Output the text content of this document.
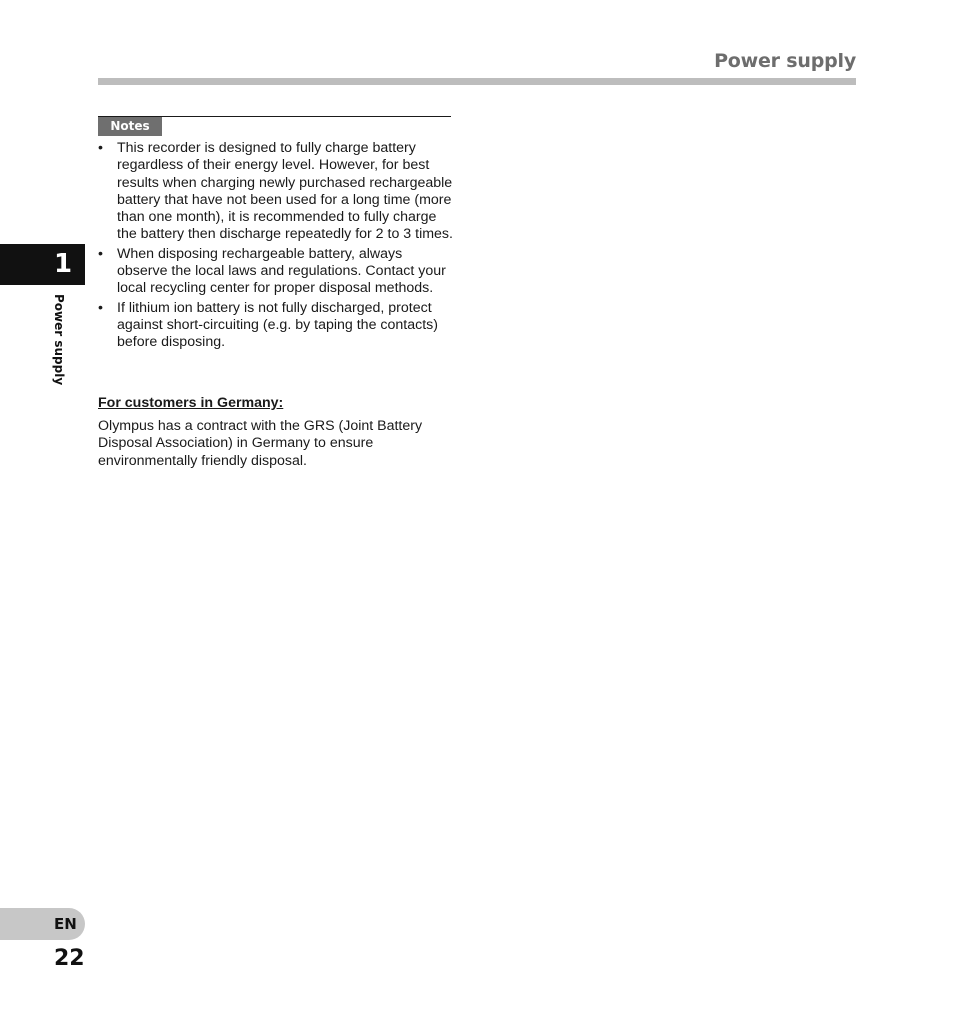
Power supply
Notes
• This recorder is designed to fully charge battery regardless of their energy level. However, for best results when charging newly purchased rechargeable battery that have not been used for a long time (more than one month), it is recommended to fully charge the battery then discharge repeatedly for 2 to 3 times.
• When disposing rechargeable battery, always observe the local laws and regulations. Contact your local recycling center for proper disposal methods.
• If lithium ion battery is not fully discharged, protect against short-circuiting (e.g. by taping the contacts) before disposing.
For customers in Germany:

Olympus has a contract with the GRS (Joint Battery Disposal Association) in Germany to ensure environmentally friendly disposal.

1
Power supply
EN
22
